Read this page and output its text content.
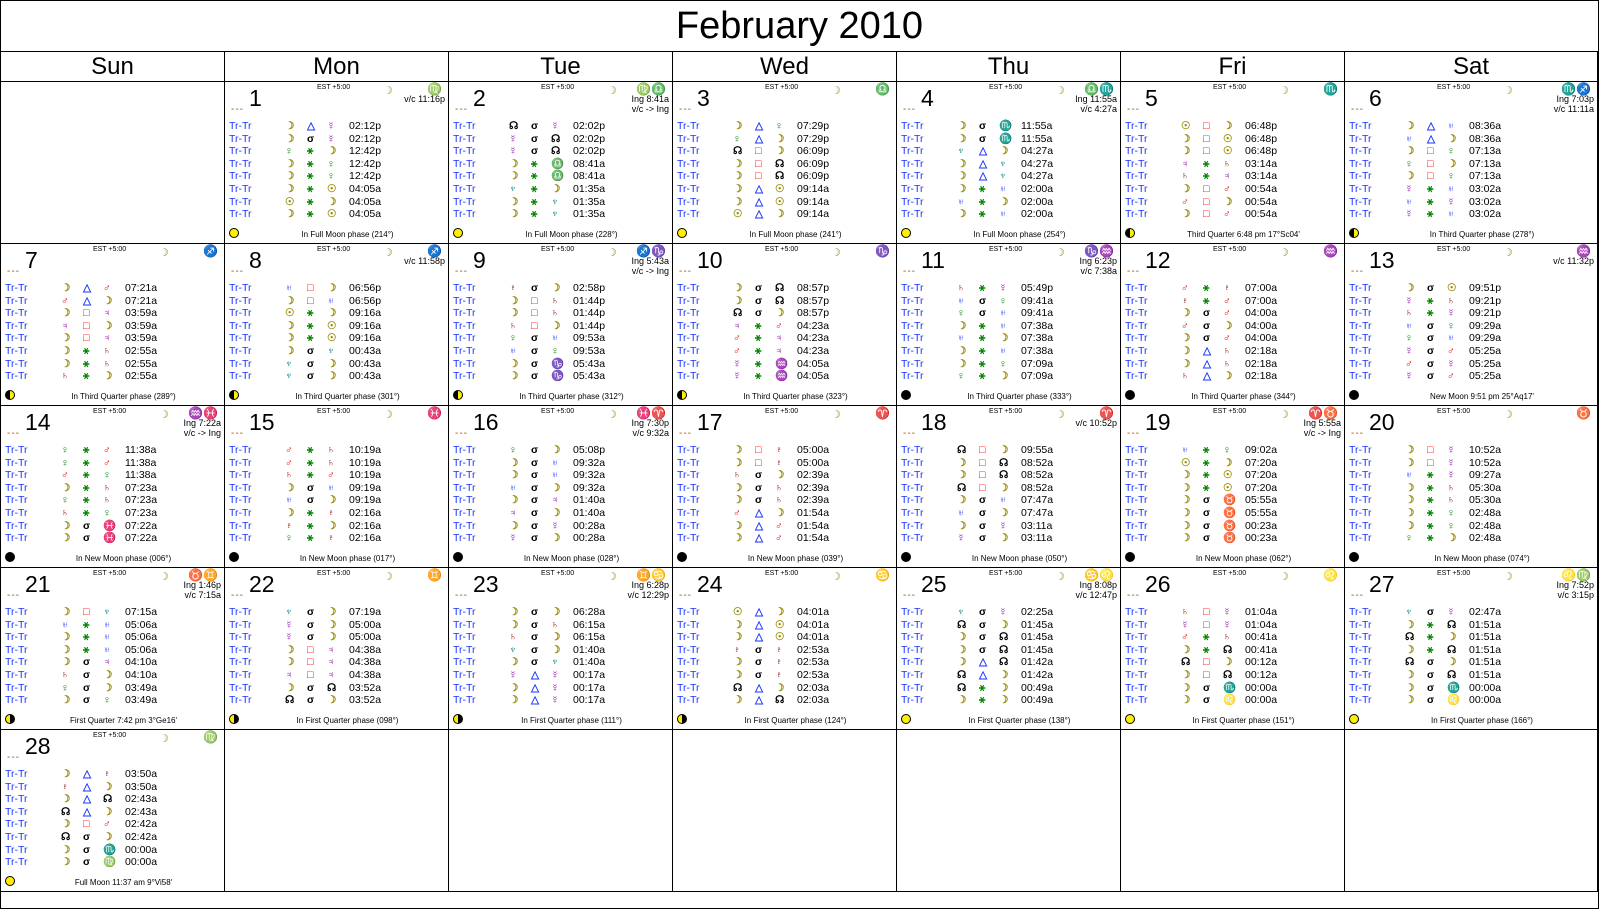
February 2010
Sun	Mon	Tue	Wed	Thu	Fri	Sat
1
---
EST +5:00	☽	♍
v/c 11:16p
Tr-Tr	☽ △ ☿ 02:12p
Tr-Tr	☽ σ ☿ 02:12p
Tr-Tr	♀ ⚹ ☽ 12:42p
Tr-Tr	☽ ⚹ ♀ 12:42p
Tr-Tr	☽ ⚹ ♀ 12:42p
Tr-Tr	☽ ⚹ ☉ 04:05a
Tr-Tr	☉ ⚹ ☽ 04:05a
Tr-Tr	☽ ⚹ ☉ 04:05a
In Full Moon phase (214°)
2
---
EST +5:00	☽ ♍♎
Ing 8:41a
v/c -> Ing
Tr-Tr	☊ σ ☿ 02:02p
Tr-Tr	☿ σ ☊ 02:02p
Tr-Tr	☿ σ ☊ 02:02p
Tr-Tr	☽ ⚹ ♎ 08:41a
Tr-Tr	☽ ⚹ ♎ 08:41a
Tr-Tr	♆ ⚹ ☽ 01:35a
Tr-Tr	☽ ⚹ ♆ 01:35a
Tr-Tr	☽ ⚹ ♆ 01:35a
In Full Moon phase (228°)
3
---
EST +5:00	☽	♎
Tr-Tr	☽ △ ♀ 07:29p
Tr-Tr	♀ △ ☽ 07:29p
Tr-Tr	☊ □ ☽ 06:09p
Tr-Tr	☽ □ ☊ 06:09p
Tr-Tr	☽ □ ☊ 06:09p
Tr-Tr	☽ △ ☉ 09:14a
Tr-Tr	☽ △ ☉ 09:14a
Tr-Tr	☉ △ ☽ 09:14a
In Full Moon phase (241°)
4
---
EST +5:00	☽ ♎♏
Ing 11:55a
v/c 4:27a
Tr-Tr	☽ σ ♏ 11:55a
Tr-Tr	☽ σ ♏ 11:55a
Tr-Tr	♆ △ ☽ 04:27a
Tr-Tr	☽ △ ♆ 04:27a
Tr-Tr	☽ △ ♆ 04:27a
Tr-Tr	☽ ⚹ ♅ 02:00a
Tr-Tr	♅ ⚹ ☽ 02:00a
Tr-Tr	☽ ⚹ ♅ 02:00a
In Full Moon phase (254°)
5
---
EST +5:00	☽	♏
Tr-Tr	☉ □ ☽ 06:48p
Tr-Tr	☽ □ ☉ 06:48p
Tr-Tr	☽ □ ☉ 06:48p
Tr-Tr	♃ ⚹ ♄ 03:14a
Tr-Tr	♄ ⚹ ♃ 03:14a
Tr-Tr	☽ □ ♂ 00:54a
Tr-Tr	♂ □ ☽ 00:54a
Tr-Tr	☽ □ ♂ 00:54a
Third Quarter 6:48 pm 17°Sc04'
6
---
EST +5:00	☽	♏♐
Ing 7:03p
v/c 11:11a
Tr-Tr	☽ △ ♅ 08:36a
Tr-Tr	♅ △ ☽ 08:36a
Tr-Tr	☽ □ ♀ 07:13a
Tr-Tr	♀ □ ☽ 07:13a
Tr-Tr	☽ □ ♀ 07:13a
Tr-Tr	☿ ⚹ ♅ 03:02a
Tr-Tr	♅ ⚹ ☿ 03:02a
Tr-Tr	☿ ⚹ ♅ 03:02a
In Third Quarter phase (278°)
7
---
EST +5:00	☽	♐
Tr-Tr	☽ △ ♂ 07:21a
Tr-Tr	♂ △ ☽ 07:21a
Tr-Tr	☽ □ ♃ 03:59a
Tr-Tr	♃ □ ☽ 03:59a
Tr-Tr	☽ □ ♃ 03:59a
Tr-Tr	☽ ⚹ ♄ 02:55a
Tr-Tr	☽ ⚹ ♄ 02:55a
Tr-Tr	♄ ⚹ ☽ 02:55a
In Third Quarter phase (289°)
8
---
EST +5:00	☽	♐
v/c 11:58p
Tr-Tr	♅ □ ☽ 06:56p
Tr-Tr	☽ □ ♅ 06:56p
Tr-Tr	☉ ⚹ ☽ 09:16a
Tr-Tr	☽ ⚹ ☉ 09:16a
Tr-Tr	☽ ⚹ ☉ 09:16a
Tr-Tr	☽ σ ♆ 00:43a
Tr-Tr	♆ σ ☽ 00:43a
Tr-Tr	♆ σ ☽ 00:43a
In Third Quarter phase (301°)
9
---
EST +5:00	☽ ♐♑
Ing 5:43a
v/c -> Ing
Tr-Tr	♇ σ ☽ 02:58p
Tr-Tr	☽ □ ♄ 01:44p
Tr-Tr	☽ □ ♄ 01:44p
Tr-Tr	♄ □ ☽ 01:44p
Tr-Tr	♀ σ ♅ 09:53a
Tr-Tr	♅ σ ♀ 09:53a
Tr-Tr	☽ σ ♑ 05:43a
Tr-Tr	☽ σ ♑ 05:43a
In Third Quarter phase (312°)
10
---
EST +5:00	☽	♑
Tr-Tr	☽ σ ☊ 08:57p
Tr-Tr	☽ σ ☊ 08:57p
Tr-Tr	☊ σ ☽ 08:57p
Tr-Tr	♃ ⚹ ♂ 04:23a
Tr-Tr	♂ ⚹ ♃ 04:23a
Tr-Tr	♂ ⚹ ♃ 04:23a
Tr-Tr	☿ ⚹ ♒ 04:05a
Tr-Tr	☿ ⚹ ♒ 04:05a
In Third Quarter phase (323°)
11
---
EST +5:00	☽ ♑♒
Ing 6:23p
v/c 7:38a
Tr-Tr	♄ ⚹ ☿ 05:49p
Tr-Tr	♅ σ ♀ 09:41a
Tr-Tr	♀ σ ♅ 09:41a
Tr-Tr	☽ ⚹ ♅ 07:38a
Tr-Tr	♅ ⚹ ☽ 07:38a
Tr-Tr	☽ ⚹ ♅ 07:38a
Tr-Tr	☽ ⚹ ♀ 07:09a
Tr-Tr	♀ ⚹ ☽ 07:09a
In Third Quarter phase (333°)
12
---
EST +5:00	☽	♒
Tr-Tr	♂ ⚹ ♇ 07:00a
Tr-Tr	♇ ⚹ ♂ 07:00a
Tr-Tr	☽ σ ♂ 04:00a
Tr-Tr	♂ σ ☽ 04:00a
Tr-Tr	☽ σ ♂ 04:00a
Tr-Tr	☽ △ ♄ 02:18a
Tr-Tr	☽ △ ♄ 02:18a
Tr-Tr	♄ △ ☽ 02:18a
In Third Quarter phase (344°)
13
---
EST +5:00	☽	♒
v/c 11:32p
Tr-Tr	☽ σ ☉ 09:51p
Tr-Tr	☿ ⚹ ♄ 09:21p
Tr-Tr	♄ ⚹ ☿ 09:21p
Tr-Tr	♅ σ ♀ 09:29a
Tr-Tr	♀ σ ♅ 09:29a
Tr-Tr	☿ σ ♂ 05:25a
Tr-Tr	♂ σ ☿ 05:25a
Tr-Tr	☿ σ ♂ 05:25a
New Moon 9:51 pm 25°Aq17'
14
---
EST +5:00	☽ ♒♓
Ing 7:22a
v/c -> Ing
Tr-Tr	♀ ⚹ ♂ 11:38a
Tr-Tr	♀ ⚹ ♂ 11:38a
Tr-Tr	♂ ⚹ ♀ 11:38a
Tr-Tr	☽ ⚹ ♄ 07:23a
Tr-Tr	♀ ⚹ ♄ 07:23a
Tr-Tr	♄ ⚹ ♀ 07:23a
Tr-Tr	☽ σ ♓ 07:22a
Tr-Tr	☽ σ ♓ 07:22a
In New Moon phase (006°)
15
---
EST +5:00	☽	♓
Tr-Tr	♂ ⚹ ♄ 10:19a
Tr-Tr	♂ ⚹ ♄ 10:19a
Tr-Tr	♄ ⚹ ♂ 10:19a
Tr-Tr	☽ σ ♅ 09:19a
Tr-Tr	♅ σ ☽ 09:19a
Tr-Tr	☽ ⚹ ♇ 02:16a
Tr-Tr	♇ ⚹ ☽ 02:16a
Tr-Tr	♀ ⚹ ♇ 02:16a
In New Moon phase (017°)
16
---
EST +5:00	☽ ♓♈
Ing 7:30p
v/c 9:32a
Tr-Tr	♀ σ ☽ 05:08p
Tr-Tr	☽ σ ♅ 09:32a
Tr-Tr	☽ σ ♅ 09:32a
Tr-Tr	♅ σ ☽ 09:32a
Tr-Tr	☽ σ ♃ 01:40a
Tr-Tr	♃ σ ☽ 01:40a
Tr-Tr	☽ σ ☿ 00:28a
Tr-Tr	☿ σ ☽ 00:28a
In New Moon phase (028°)
17
---
EST +5:00	☽	♈
Tr-Tr	☽ □ ♇ 05:00a
Tr-Tr	☽ □ ♇ 05:00a
Tr-Tr	♄ σ ☽ 02:39a
Tr-Tr	☽ σ ♄ 02:39a
Tr-Tr	☽ σ ♄ 02:39a
Tr-Tr	♂ △ ☽ 01:54a
Tr-Tr	☽ △ ♂ 01:54a
Tr-Tr	☽ △ ♂ 01:54a
In New Moon phase (039°)
18
---
EST +5:00	☽	♈
v/c 10:52p
Tr-Tr	☊ □ ☽ 09:55a
Tr-Tr	☽ □ ☊ 08:52a
Tr-Tr	☽ □ ☊ 08:52a
Tr-Tr	☊ □ ☽ 08:52a
Tr-Tr	☽ σ ♅ 07:47a
Tr-Tr	♅ σ ☽ 07:47a
Tr-Tr	☽ σ ☿ 03:11a
Tr-Tr	☿ σ ☽ 03:11a
In New Moon phase (050°)
19
---
EST +5:00	☽ ♈♉
Ing 5:55a
v/c -> Ing
Tr-Tr	♅ ⚹ ♀ 09:02a
Tr-Tr	☉ ⚹ ☽ 07:20a
Tr-Tr	☽ ⚹ ☉ 07:20a
Tr-Tr	☽ ⚹ ☉ 07:20a
Tr-Tr	☽ σ ♉ 05:55a
Tr-Tr	☽ σ ♉ 05:55a
Tr-Tr	☽ σ ♉ 00:23a
Tr-Tr	☽ σ ♉ 00:23a
In New Moon phase (062°)
20
---
EST +5:00	☽	♉
Tr-Tr	☽ □ ☿ 10:52a
Tr-Tr	☽ □ ☿ 10:52a
Tr-Tr	♅ ⚹ ☿ 09:27a
Tr-Tr	☽ ⚹ ♄ 05:30a
Tr-Tr	☽ ⚹ ♄ 05:30a
Tr-Tr	☽ ⚹ ♀ 02:48a
Tr-Tr	☽ ⚹ ♀ 02:48a
Tr-Tr	♀ ⚹ ☽ 02:48a
In New Moon phase (074°)
21
---
EST +5:00	☽ ♉♊
Ing 1:46p
v/c 7:15a
Tr-Tr	☽ □ ♆ 07:15a
Tr-Tr	♅ ⚹ ♅ 05:06a
Tr-Tr	☽ ⚹ ♅ 05:06a
Tr-Tr	☽ ⚹ ♅ 05:06a
Tr-Tr	☽ σ ♃ 04:10a
Tr-Tr	♄ σ ☽ 04:10a
Tr-Tr	♀ σ ☽ 03:49a
Tr-Tr	☽ σ ♀ 03:49a
First Quarter 7:42 pm 3°Ge16'
22
---
EST +5:00	☽	♊
Tr-Tr	♆ σ ☽ 07:19a
Tr-Tr	☿ σ ☽ 05:00a
Tr-Tr	☿ σ ☽ 05:00a
Tr-Tr	☽ □ ♃ 04:38a
Tr-Tr	☽ □ ♃ 04:38a
Tr-Tr	♃ □ ♃ 04:38a
Tr-Tr	☽ σ ☊ 03:52a
Tr-Tr	☊ σ ☽ 03:52a
In First Quarter phase (098°)
23
---
EST +5:00	☽ ♊♋
Ing 6:28p
v/c 12:29p
Tr-Tr	☽ σ ☽ 06:28a
Tr-Tr	☽ σ ♄ 06:15a
Tr-Tr	♄ σ ☽ 06:15a
Tr-Tr	♆ σ ☽ 01:40a
Tr-Tr	☽ σ ♆ 01:40a
Tr-Tr	☿ △ ☿ 00:17a
Tr-Tr	☽ △ ☿ 00:17a
Tr-Tr	☽ △ ☿ 00:17a
In First Quarter phase (111°)
24
---
EST +5:00	☽	♋
Tr-Tr	☉ △ ☽ 04:01a
Tr-Tr	☽ △ ☉ 04:01a
Tr-Tr	☽ △ ☉ 04:01a
Tr-Tr	♇ σ ♇ 02:53a
Tr-Tr	☽ σ ♇ 02:53a
Tr-Tr	☽ σ ♇ 02:53a
Tr-Tr	☊ △ ☽ 02:03a
Tr-Tr	☽ △ ☊ 02:03a
In First Quarter phase (124°)
25
---
EST +5:00	☽ ♋♌
Ing 8:08p
v/c 12:47p
Tr-Tr	♆ σ ☿ 02:25a
Tr-Tr	☊ σ ☽ 01:45a
Tr-Tr	☽ σ ☊ 01:45a
Tr-Tr	☽ σ ☊ 01:45a
Tr-Tr	☽ △ ☊ 01:42a
Tr-Tr	☊ △ ☽ 01:42a
Tr-Tr	☊ ⚹ ☽ 00:49a
Tr-Tr	☽ ⚹ ☽ 00:49a
In First Quarter phase (138°)
26
---
EST +5:00	☽	♌
Tr-Tr	♄ □ ☿ 01:04a
Tr-Tr	☿ □ ☿ 01:04a
Tr-Tr	♂ ⚹ ♄ 00:41a
Tr-Tr	☽ ⚹ ☊ 00:41a
Tr-Tr	☊ □ ☽ 00:12a
Tr-Tr	☽ □ ☊ 00:12a
Tr-Tr	☽ σ ♏ 00:00a
Tr-Tr	☽ σ ♌ 00:00a
In First Quarter phase (151°)
27
---
EST +5:00	☽	♌♍
Ing 7:52p
v/c 3:15p
Tr-Tr	♆ σ ☿ 02:47a
Tr-Tr	☽ ⚹ ☊ 01:51a
Tr-Tr	☊ ⚹ ☽ 01:51a
Tr-Tr	☽ ⚹ ☊ 01:51a
Tr-Tr	☊ σ ☽ 01:51a
Tr-Tr	☽ σ ☊ 01:51a
Tr-Tr	☽ σ ♏ 00:00a
Tr-Tr	☽ σ ♌ 00:00a
In First Quarter phase (166°)
28
---
EST +5:00	☽	♍
Tr-Tr	☽ △ ♇ 03:50a
Tr-Tr	♇ △ ☽ 03:50a
Tr-Tr	☽ △ ☊ 02:43a
Tr-Tr	☊ △ ☽ 02:43a
Tr-Tr	☽ □ ♂ 02:42a
Tr-Tr	☊ σ ☽ 02:42a
Tr-Tr	☽ σ ♏ 00:00a
Tr-Tr	☽ σ ♍ 00:00a
Full Moon 11:37 am 9°Vi58'
